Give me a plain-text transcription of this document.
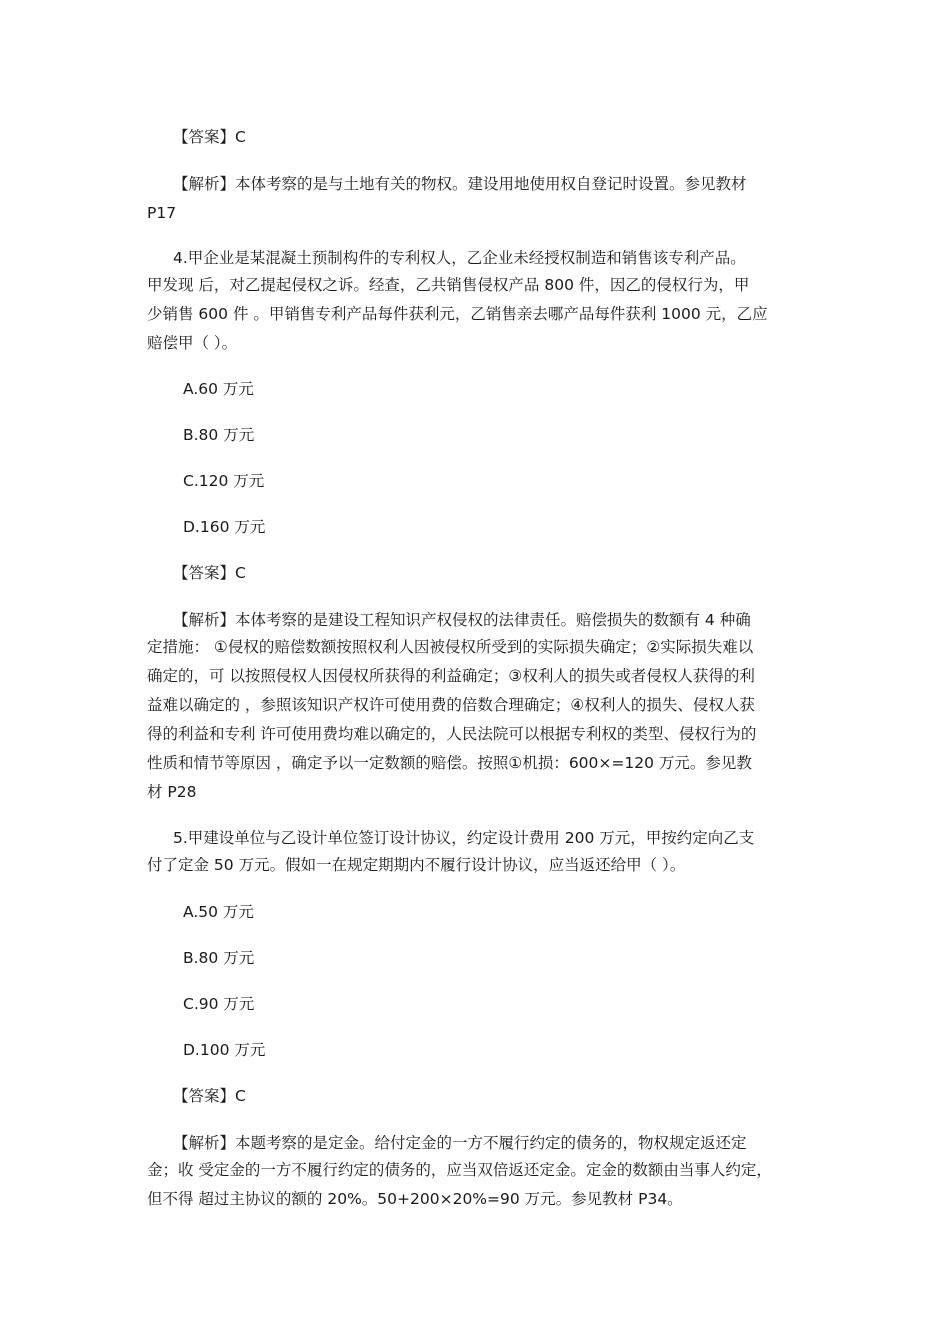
【答案】C

【解析】本体考察的是与土地有关的物权。建设用地使用权自登记时设置。参见教材

P17

4.甲企业是某混凝土预制构件的专利权人，乙企业未经授权制造和销售该专利产品。

甲发现 后，对乙提起侵权之诉。经查，乙共销售侵权产品 800 件，因乙的侵权行为，甲

少销售 600 件 。甲销售专利产品每件获利元，乙销售亲去哪产品每件获利 1000 元，乙应

赔偿甲（ ）。

A.60 万元

B.80 万元

C.120 万元

D.160 万元

【答案】C

【解析】本体考察的是建设工程知识产权侵权的法律责任。赔偿损失的数额有 4 种确

定措施： ①侵权的赔偿数额按照权利人因被侵权所受到的实际损失确定；②实际损失难以

确定的，可 以按照侵权人因侵权所获得的利益确定；③权利人的损失或者侵权人获得的利

益难以确定的 ，参照该知识产权许可使用费的倍数合理确定；④权利人的损失、侵权人获

得的利益和专利 许可使用费均难以确定的，人民法院可以根据专利权的类型、侵权行为的

性质和情节等原因 ，确定予以一定数额的赔偿。按照①机损：600×=120 万元。参见教

材 P28

5.甲建设单位与乙设计单位签订设计协议，约定设计费用 200 万元，甲按约定向乙支

付了定金 50 万元。假如一在规定期期内不履行设计协议，应当返还给甲（ ）。

A.50 万元

B.80 万元

C.90 万元

D.100 万元

【答案】C

【解析】本题考察的是定金。给付定金的一方不履行约定的债务的，物权规定返还定

金；收 受定金的一方不履行约定的债务的，应当双倍返还定金。定金的数额由当事人约定，

但不得 超过主协议的额的 20%。50+200×20%=90 万元。参见教材 P34。
